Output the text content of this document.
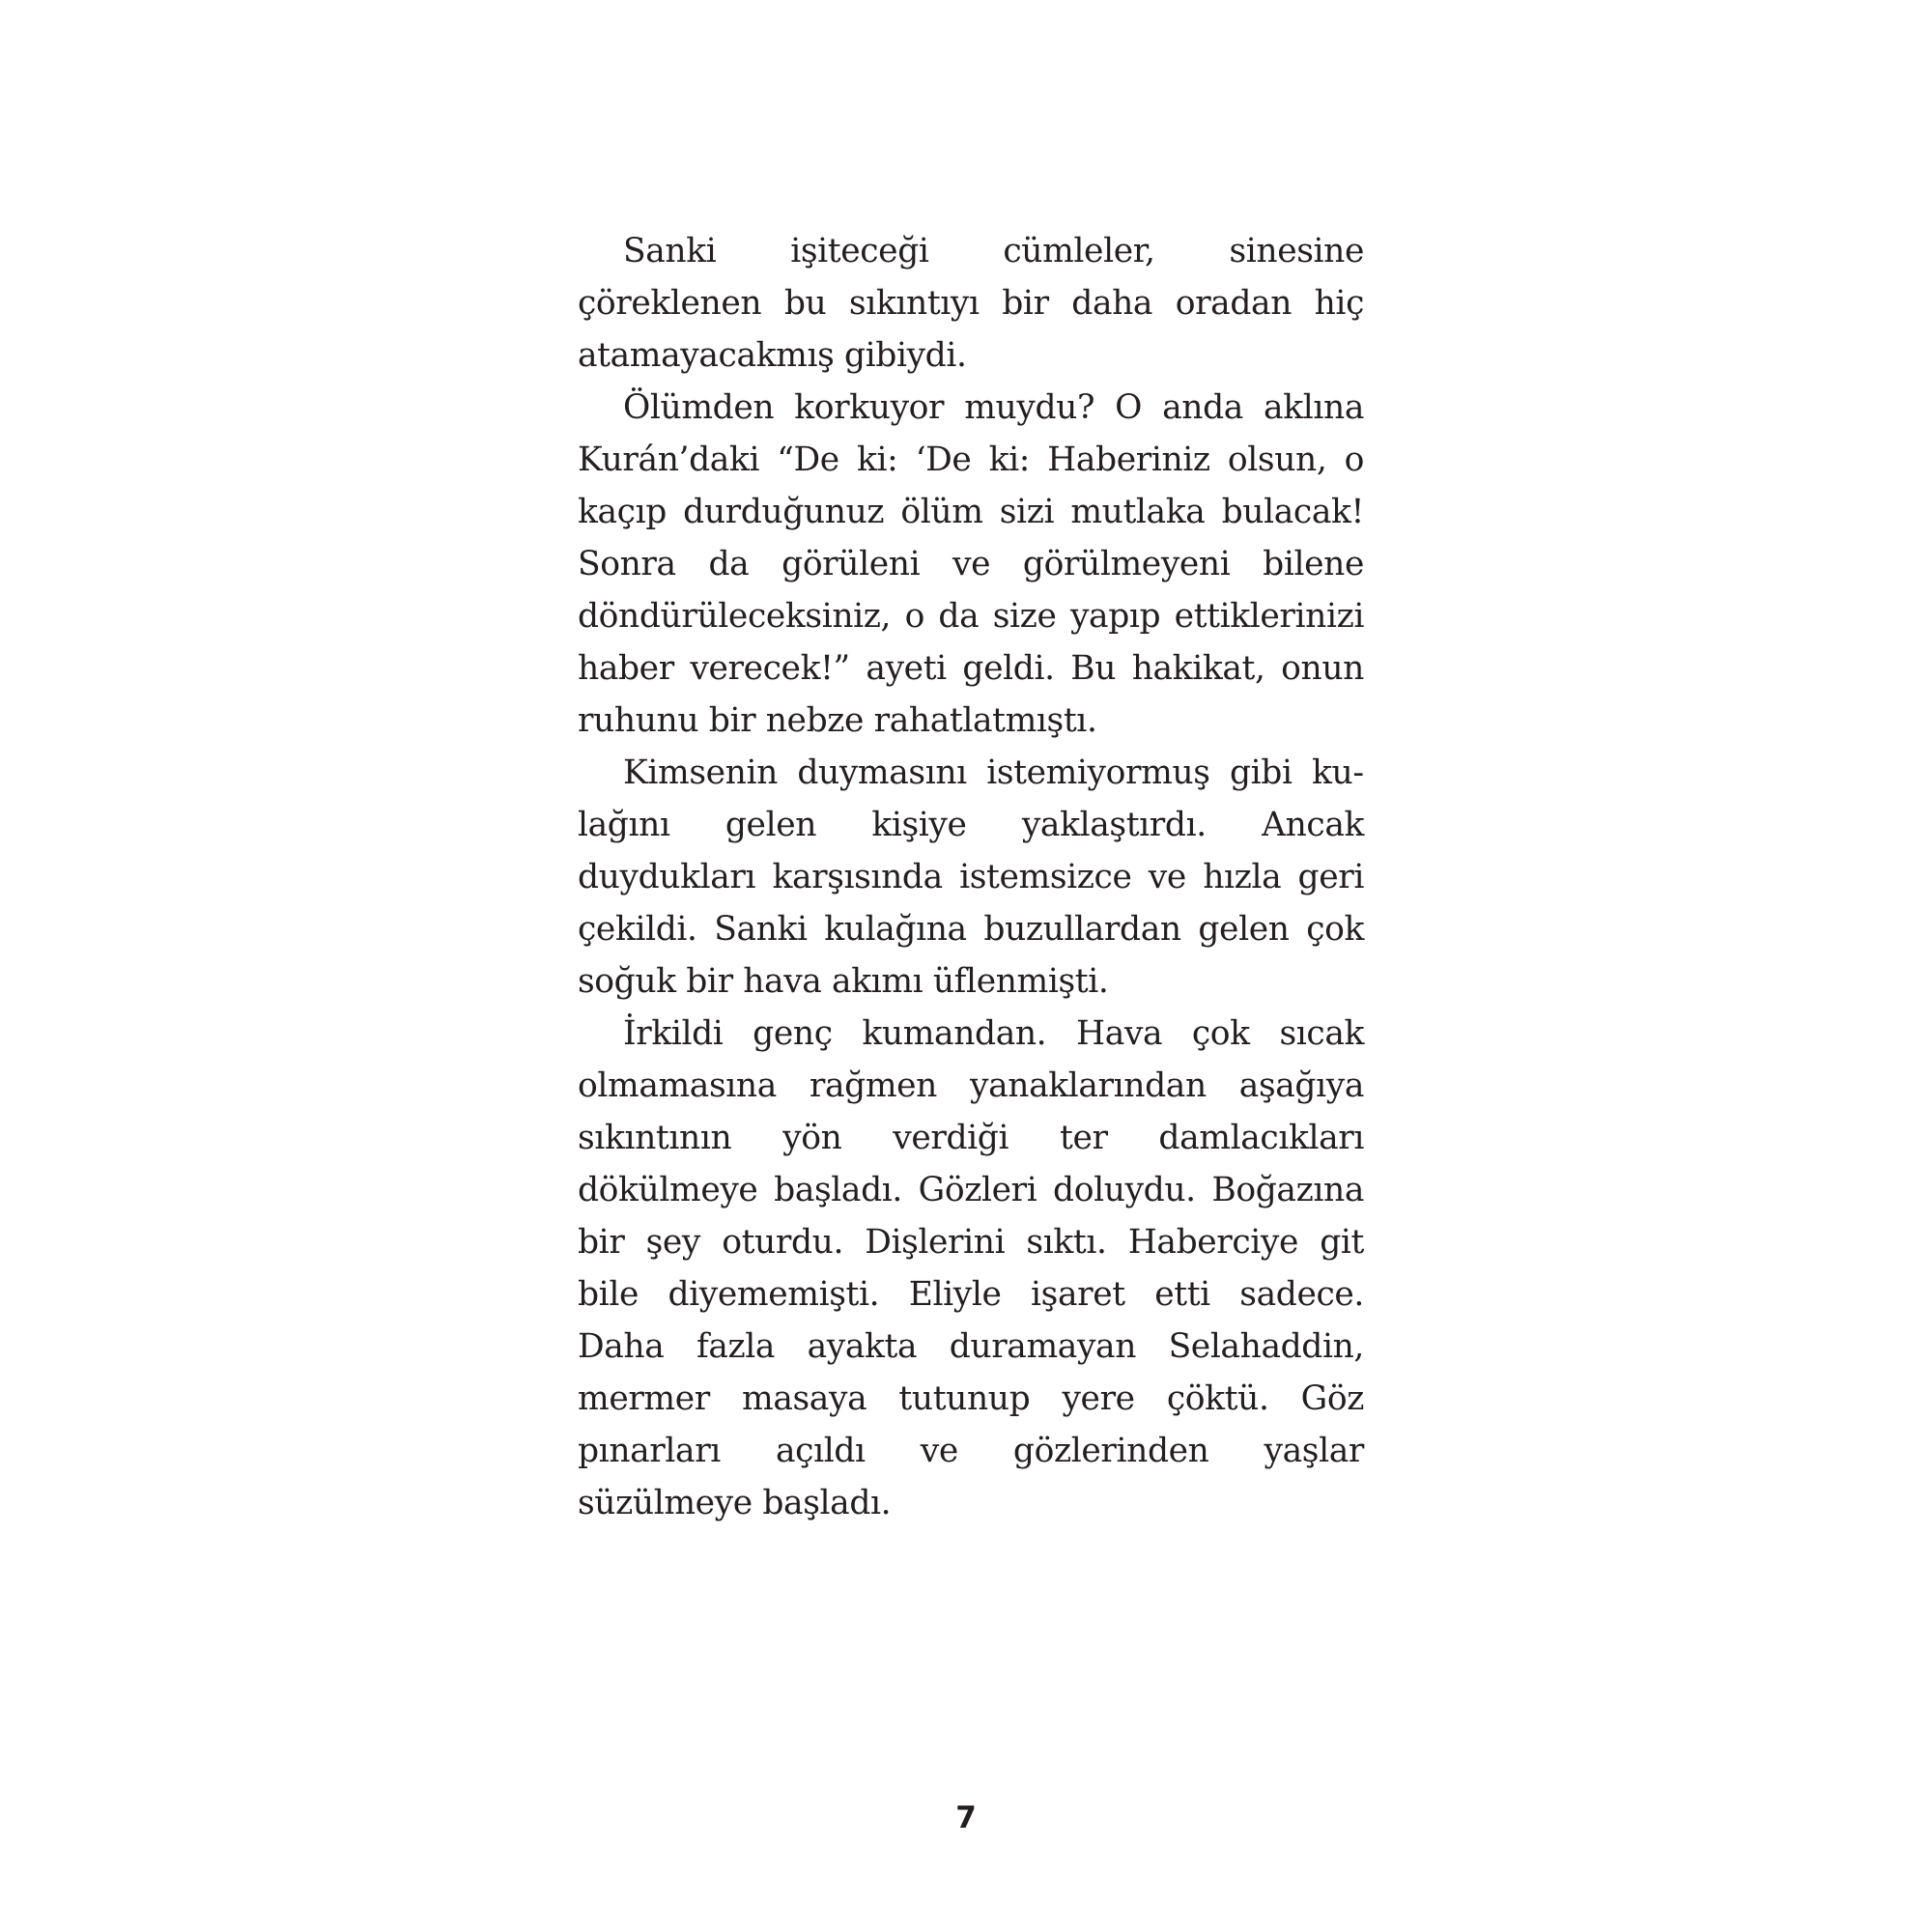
Sanki işiteceği cümleler, sinesine çöreklenen bu sıkıntıyı bir daha oradan hiç atamayacakmış gibiydi.

Ölümden korkuyor muydu? O anda aklına Kurán’daki “De ki: ‘De ki: Haberiniz olsun, o kaçıp durduğunuz ölüm sizi mutlaka bulacak! Sonra da görüleni ve görülmeyeni bilene döndürüleceksiniz, o da size yapıp ettiklerinizi haber verecek!” ayeti geldi. Bu hakikat, onun ruhunu bir nebze rahatlatmıştı.

Kimsenin duymasını istemiyormuş gibi kulağını gelen kişiye yaklaştırdı. Ancak duydukları karşısında istemsizce ve hızla geri çekildi. Sanki kulağına buzullardan gelen çok soğuk bir hava akımı üflenmişti.

İrkildi genç kumandan. Hava çok sıcak olmamasına rağmen yanaklarından aşağıya sıkıntının yön verdiği ter damlacıkları dökülmeye başladı. Gözleri doluydu. Boğazına bir şey oturdu. Dişlerini sıktı. Haberciye git bile diyememişti. Eliyle işaret etti sadece. Daha fazla ayakta duramayan Selahaddin, mermer masaya tutunup yere çöktü. Göz pınarları açıldı ve gözlerinden yaşlar süzülmeye başladı.

7
